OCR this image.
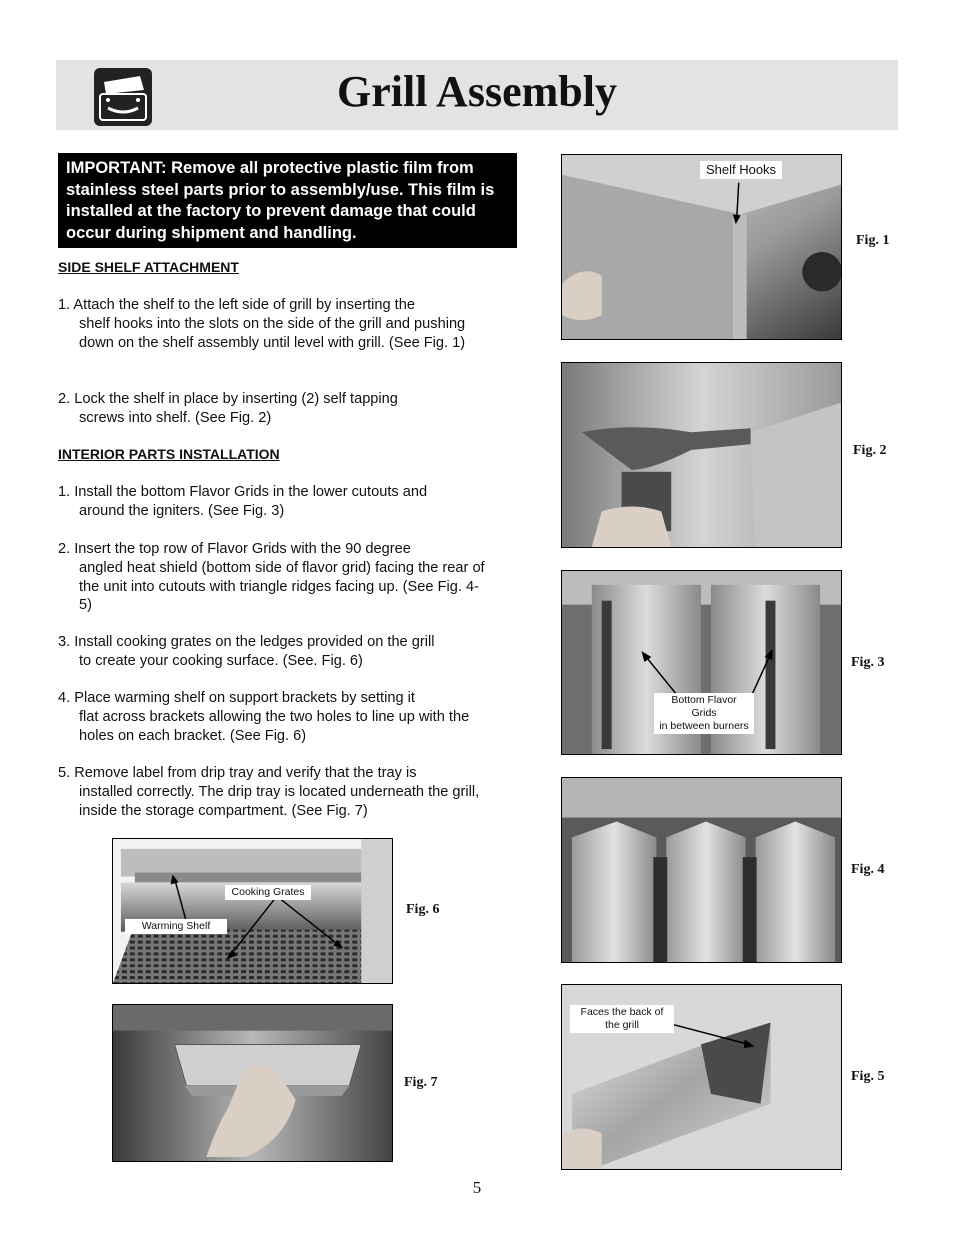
Grill Assembly
IMPORTANT: Remove all protective plastic film from stainless steel parts prior to assembly/use. This film is installed at the factory to prevent damage that could occur during shipment and handling.
SIDE SHELF ATTACHMENT
1. Attach the shelf to the left side of grill by inserting the
shelf hooks into the slots on the side of the grill and pushing down on the shelf assembly until level with grill. (See Fig. 1)
2. Lock the shelf in place by inserting (2) self tapping
screws into shelf. (See Fig. 2)
INTERIOR PARTS INSTALLATION
1. Install the bottom Flavor Grids in the lower cutouts and
around the igniters. (See Fig. 3)
2. Insert the top row of Flavor Grids with the 90 degree
angled heat shield (bottom side of flavor grid) facing the rear of the unit into cutouts with triangle ridges facing up. (See Fig. 4-5)
3. Install cooking grates on the ledges provided on the grill
to create your cooking surface. (See. Fig. 6)
4. Place warming shelf on support brackets by setting it
flat across brackets allowing the two holes to line up with the holes on each bracket. (See Fig. 6)
5. Remove label from drip tray and verify that the tray is
installed correctly. The drip tray is located underneath the grill, inside the storage compartment. (See Fig. 7)
Cooking Grates
Warming Shelf
Fig. 6
Fig. 7
Shelf Hooks
Fig. 1
Fig. 2
Bottom Flavor Grids
in between burners
Fig. 3
Fig. 4
Faces the back of
the grill
Fig. 5
5
